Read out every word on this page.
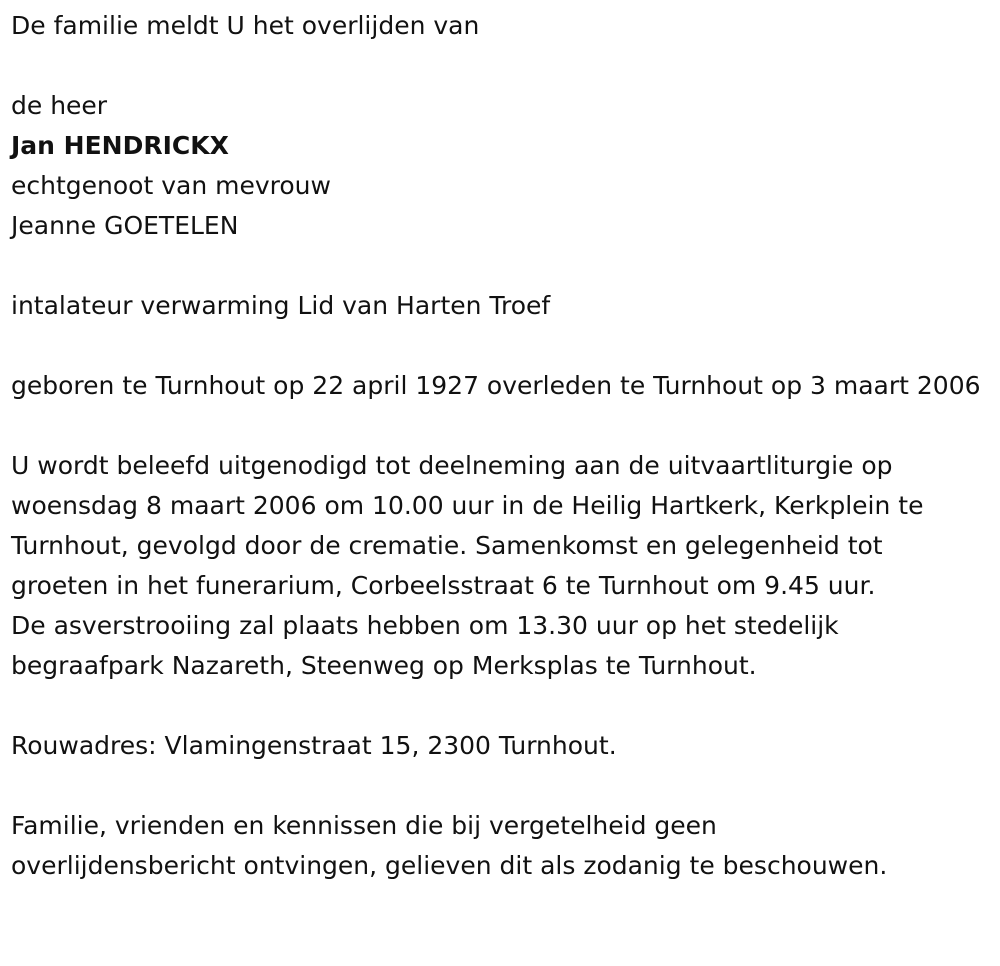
De familie meldt U het overlijden van

de heer

Jan HENDRICKX

echtgenoot van mevrouw

Jeanne GOETELEN

intalateur verwarming Lid van Harten Troef

geboren te Turnhout op 22 april 1927 overleden te Turnhout op 3 maart 2006

U wordt beleefd uitgenodigd tot deelneming aan de uitvaartliturgie op

woensdag 8 maart 2006 om 10.00 uur in de Heilig Hartkerk, Kerkplein te

Turnhout, gevolgd door de crematie. Samenkomst en gelegenheid tot

groeten in het funerarium, Corbeelsstraat 6 te Turnhout om 9.45 uur.

De asverstrooiing zal plaats hebben om 13.30 uur op het stedelijk

begraafpark Nazareth, Steenweg op Merksplas te Turnhout.

Rouwadres: Vlamingenstraat 15, 2300 Turnhout.

Familie, vrienden en kennissen die bij vergetelheid geen

overlijdensbericht ontvingen, gelieven dit als zodanig te beschouwen.
